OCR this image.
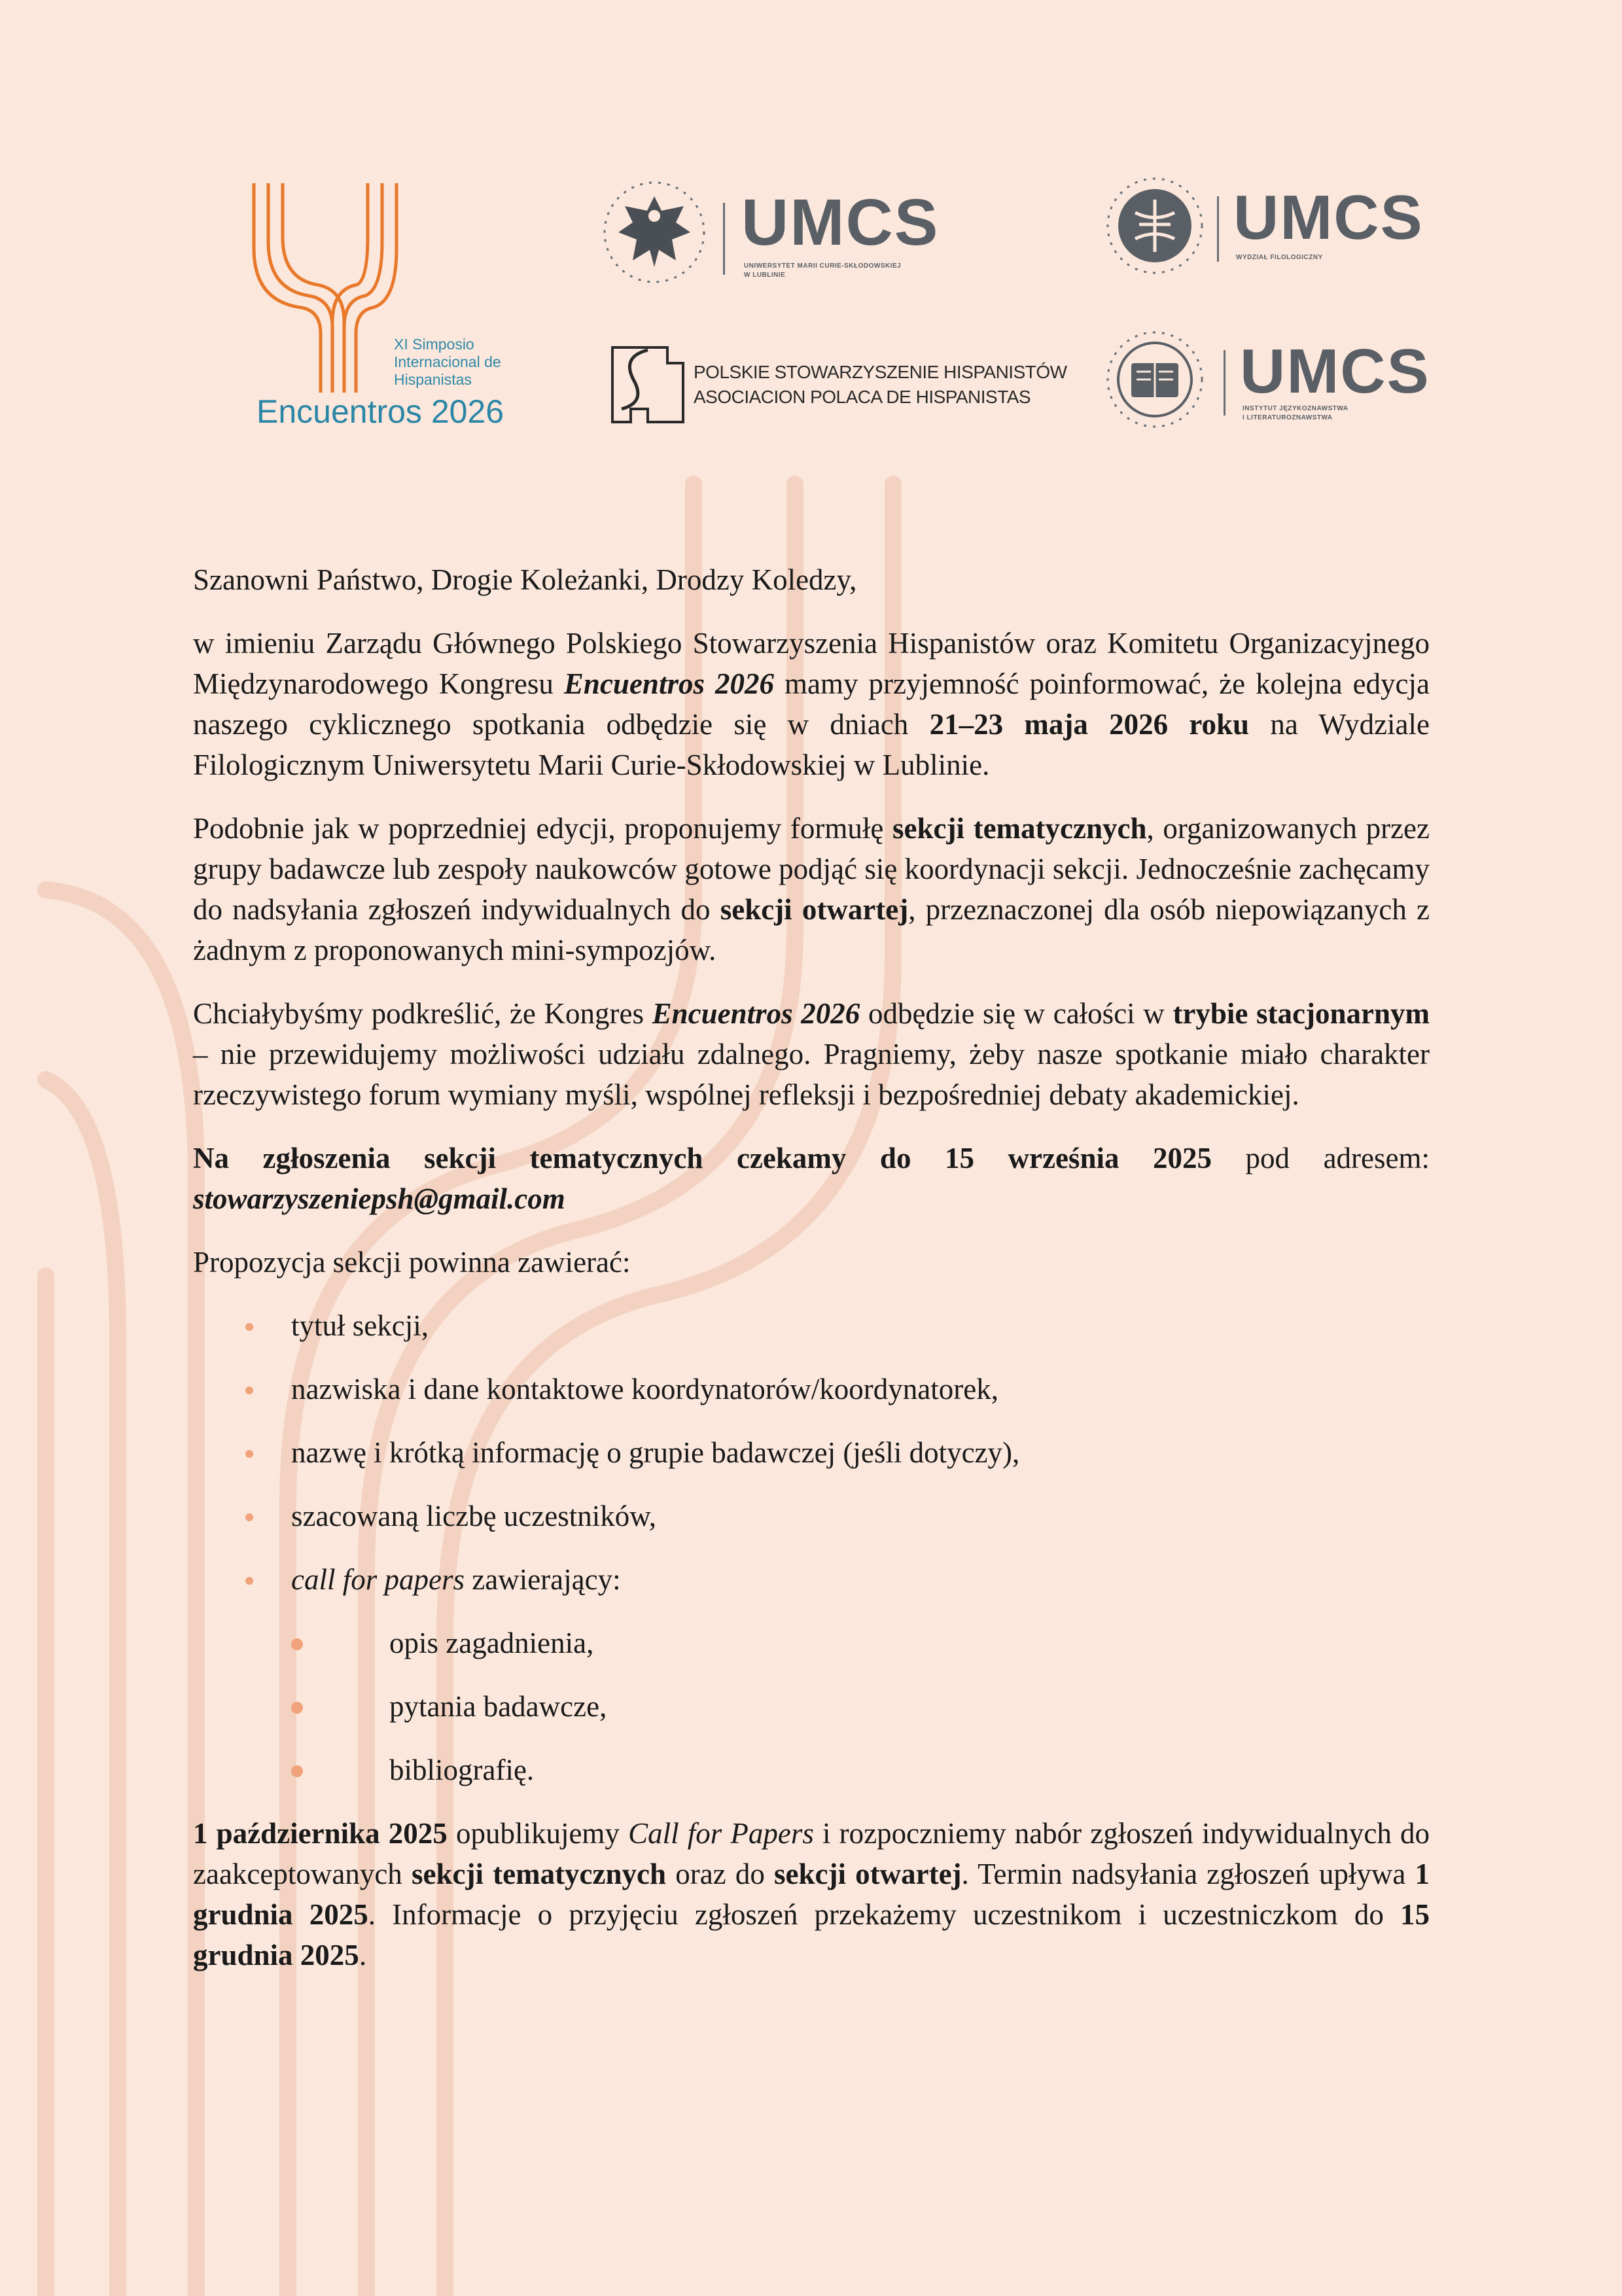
XI Simposio
Internacional de
Hispanistas
Encuentros 2026
UMCS
UNIWERSYTET MARII CURIE-SKŁODOWSKIEJ
W LUBLINIE
UMCS
WYDZIAŁ FILOLOGICZNY
UMCS
INSTYTUT JĘZYKOZNAWSTWA
I LITERATUROZNAWSTWA
POLSKIE STOWARZYSZENIE HISPANISTÓW
ASOCIACION POLACA DE HISPANISTAS

Szanowni Państwo, Drogie Koleżanki, Drodzy Koledzy,

w imieniu Zarządu Głównego Polskiego Stowarzyszenia Hispanistów oraz Komitetu Organizacyjnego Międzynarodowego Kongresu Encuentros 2026 mamy przyjemność poinformować, że kolejna edycja naszego cyklicznego spotkania odbędzie się w dniach 21–23 maja 2026 roku na Wydziale Filologicznym Uniwersytetu Marii Curie-Skłodowskiej w Lublinie.

Podobnie jak w poprzedniej edycji, proponujemy formułę sekcji tematycznych, organizowanych przez grupy badawcze lub zespoły naukowców gotowe podjąć się koordynacji sekcji. Jednocześnie zachęcamy do nadsyłania zgłoszeń indywidualnych do sekcji otwartej, przeznaczonej dla osób niepowiązanych z żadnym z proponowanych mini-sympozjów.

Chciałybyśmy podkreślić, że Kongres Encuentros 2026 odbędzie się w całości w trybie stacjonarnym – nie przewidujemy możliwości udziału zdalnego. Pragniemy, żeby nasze spotkanie miało charakter rzeczywistego forum wymiany myśli, wspólnej refleksji i bezpośredniej debaty akademickiej.

Na zgłoszenia sekcji tematycznych czekamy do 15 września 2025 pod adresem: stowarzyszeniepsh@gmail.com

Propozycja sekcji powinna zawierać:

tytuł sekcji,
nazwiska i dane kontaktowe koordynatorów/koordynatorek,
nazwę i krótką informację o grupie badawczej (jeśli dotyczy),
szacowaną liczbę uczestników,
call for papers zawierający:
opis zagadnienia,
pytania badawcze,
bibliografię.

1 października 2025 opublikujemy Call for Papers i rozpoczniemy nabór zgłoszeń indywidualnych do zaakceptowanych sekcji tematycznych oraz do sekcji otwartej. Termin nadsyłania zgłoszeń upływa 1 grudnia 2025. Informacje o przyjęciu zgłoszeń przekażemy uczestnikom i uczestniczkom do 15 grudnia 2025.
